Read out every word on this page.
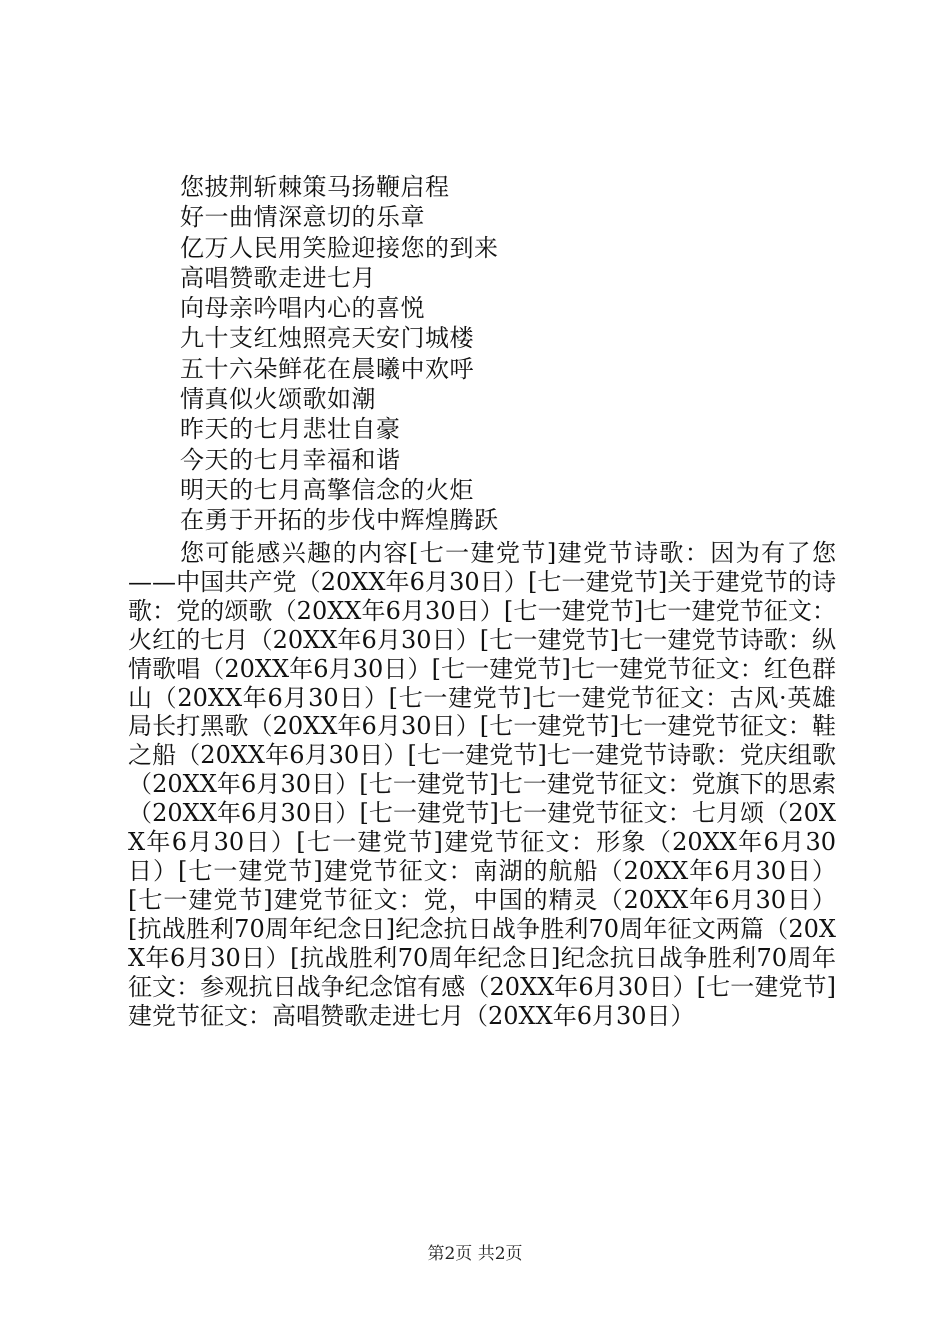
您披荆斩棘策马扬鞭启程
好一曲情深意切的乐章
亿万人民用笑脸迎接您的到来
高唱赞歌走进七月
向母亲吟唱内心的喜悦
九十支红烛照亮天安门城楼
五十六朵鲜花在晨曦中欢呼
情真似火颂歌如潮
昨天的七月悲壮自豪
今天的七月幸福和谐
明天的七月高擎信念的火炬
在勇于开拓的步伐中辉煌腾跃

您可能感兴趣的内容[七一建党节]建党节诗歌：因为有了您——中国共产党（20XX年6月30日）[七一建党节]关于建党节的诗歌：党的颂歌（20XX年6月30日）[七一建党节]七一建党节征文：火红的七月（20XX年6月30日）[七一建党节]七一建党节诗歌：纵情歌唱（20XX年6月30日）[七一建党节]七一建党节征文：红色群山（20XX年6月30日）[七一建党节]七一建党节征文：古风·英雄局长打黑歌（20XX年6月30日）[七一建党节]七一建党节征文：鞋之船（20XX年6月30日）[七一建党节]七一建党节诗歌：党庆组歌（20XX年6月30日）[七一建党节]七一建党节征文：党旗下的思索（20XX年6月30日）[七一建党节]七一建党节征文：七月颂（20XX年6月30日）[七一建党节]建党节征文：形象（20XX年6月30日）[七一建党节]建党节征文：南湖的航船（20XX年6月30日）[七一建党节]建党节征文：党，中国的精灵（20XX年6月30日）[抗战胜利70周年纪念日]纪念抗日战争胜利70周年征文两篇（20XX年6月30日）[抗战胜利70周年纪念日]纪念抗日战争胜利70周年征文：参观抗日战争纪念馆有感（20XX年6月30日）[七一建党节]建党节征文：高唱赞歌走进七月（20XX年6月30日）

第2页 共2页
